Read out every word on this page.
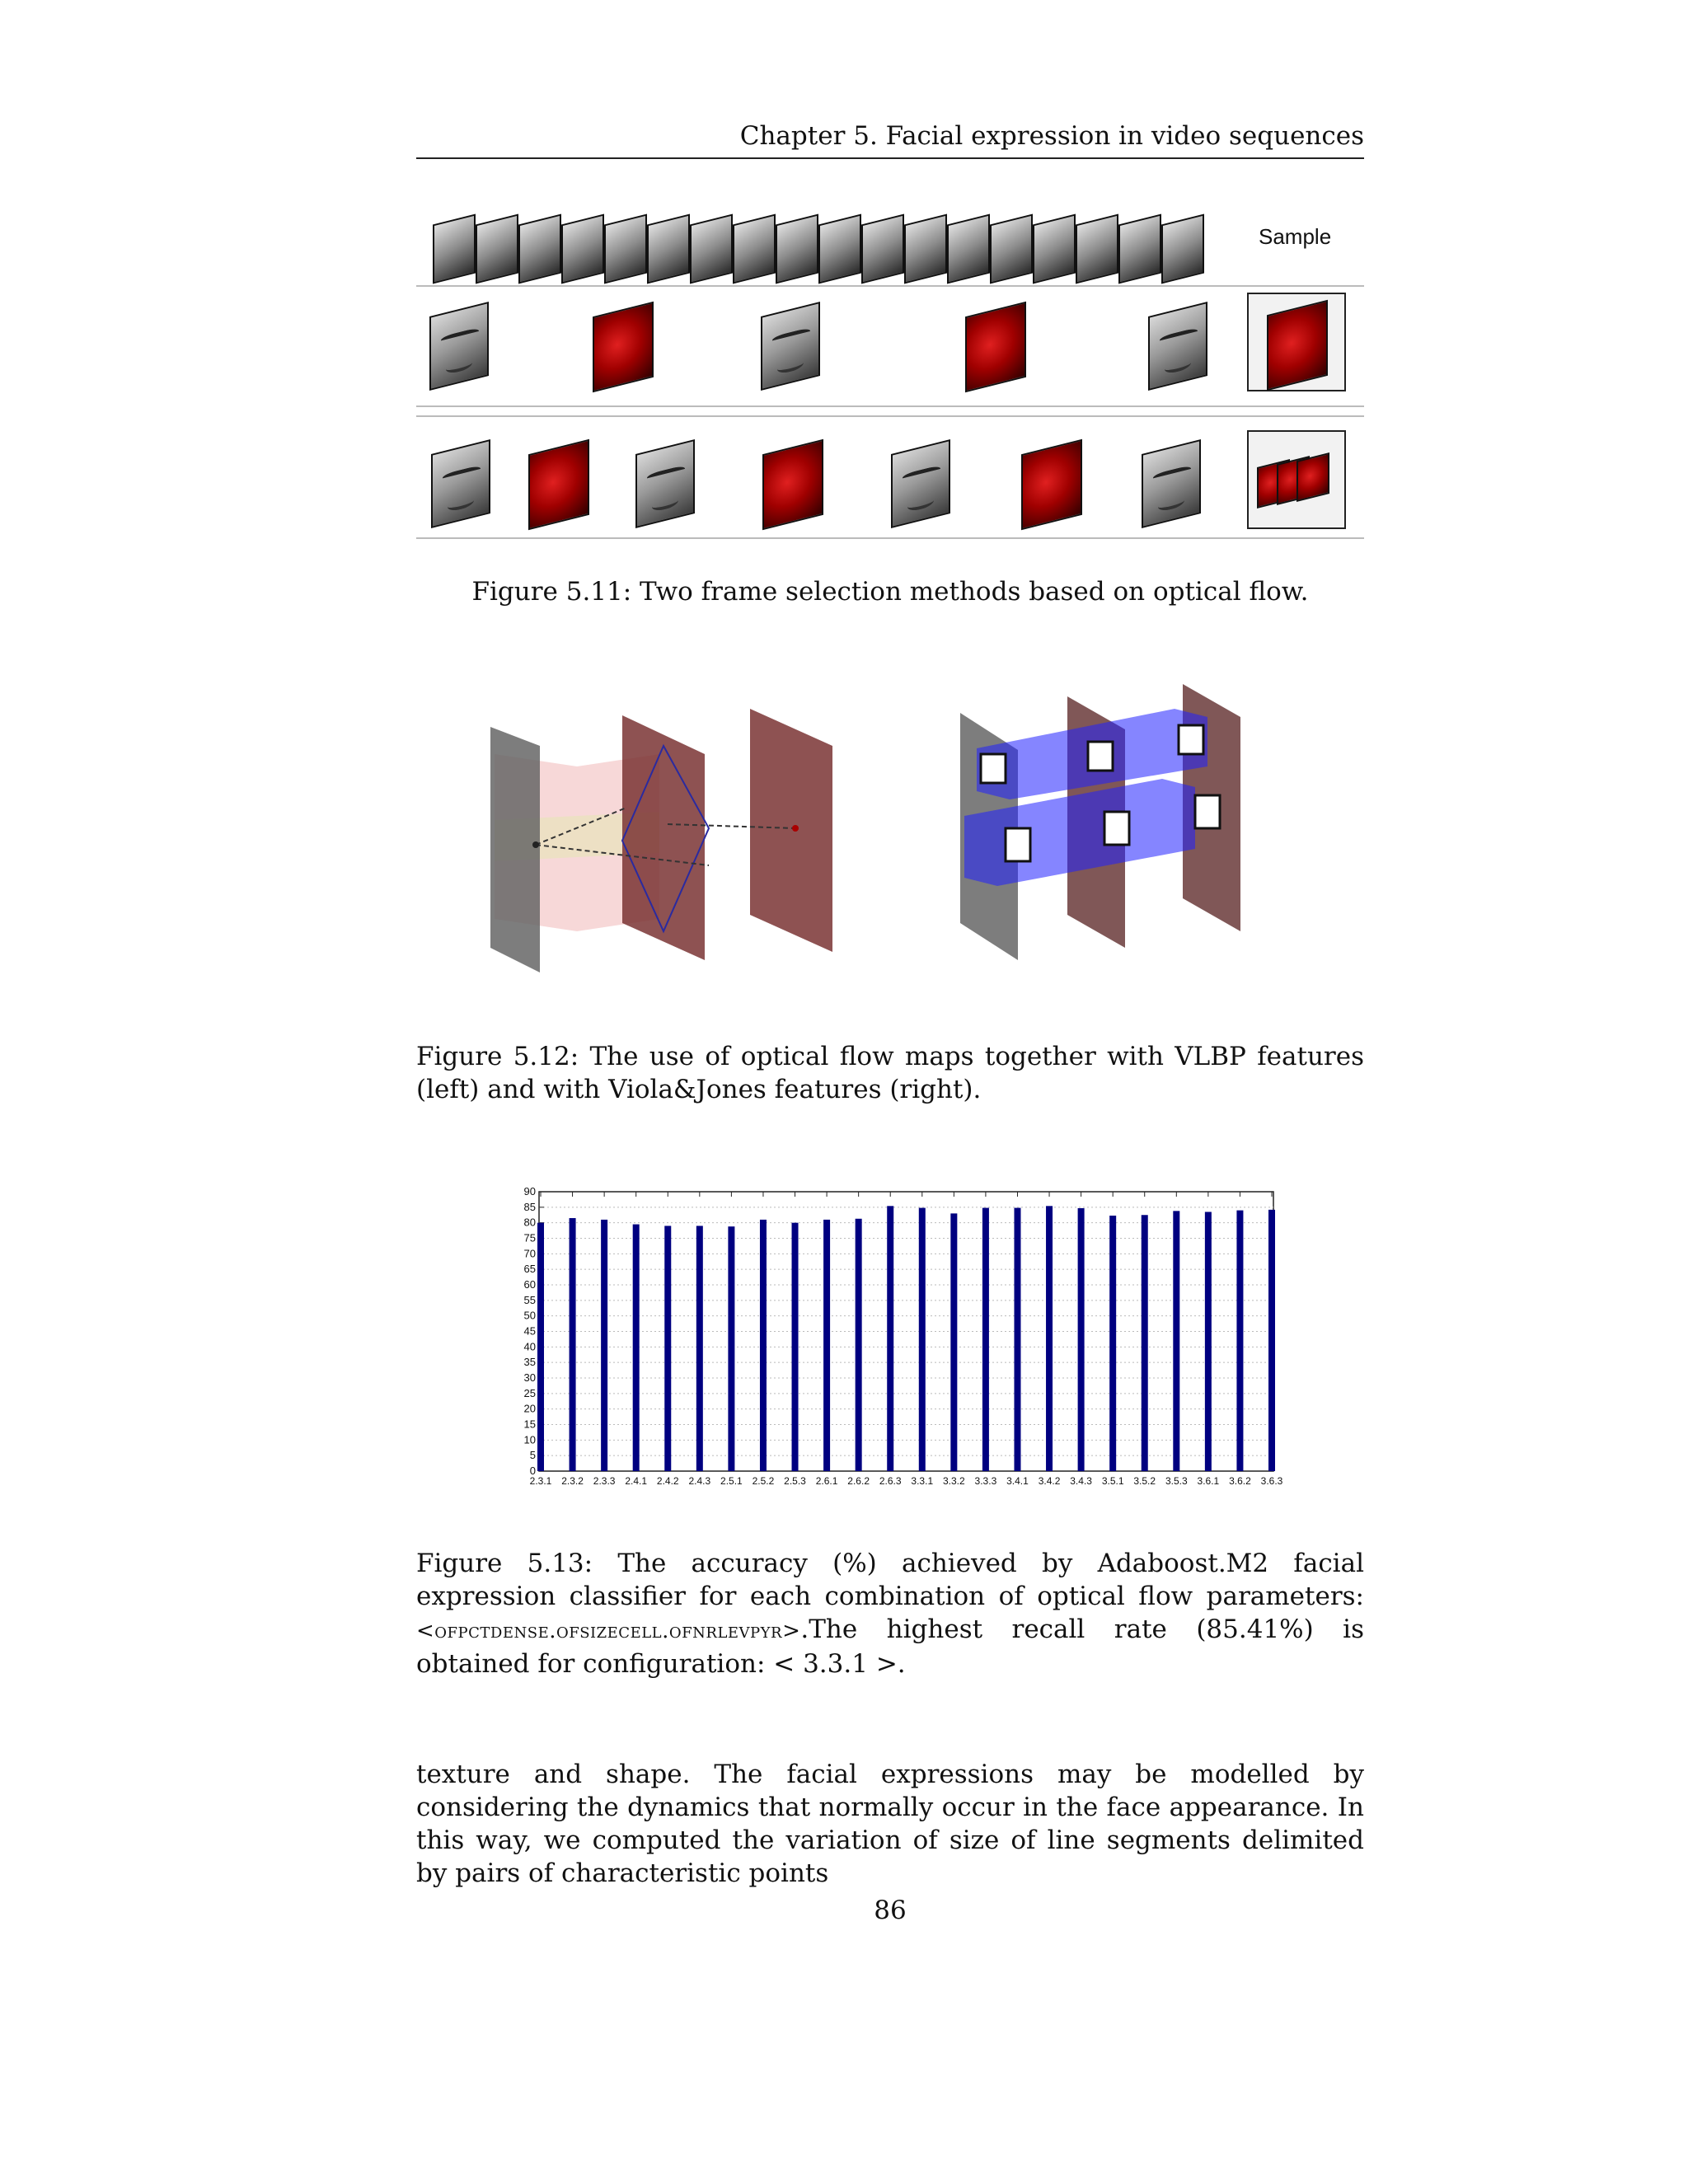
Chapter 5. Facial expression in video sequences
Sample
Figure 5.11: Two frame selection methods based on optical flow.
Figure 5.12: The use of optical flow maps together with VLBP features (left) and with Viola&Jones features (right).
0
5
10
15
20
25
30
35
40
45
50
55
60
65
70
75
80
85
90
2.3.1 2.3.2 2.3.3 2.4.1 2.4.2 2.4.3 2.5.1 2.5.2 2.5.3 2.6.1 2.6.2 2.6.3 3.3.1 3.3.2 3.3.3 3.4.1 3.4.2 3.4.3 3.5.1 3.5.2 3.5.3 3.6.1 3.6.2 3.6.3
Figure 5.13: The accuracy (%) achieved by Adaboost.M2 facial expression classifier for each combination of optical flow parameters: <ofpctdense.ofsizecell.ofnrlevpyr>.The highest recall rate (85.41%) is obtained for configuration: < 3.3.1 >.
texture and shape. The facial expressions may be modelled by considering the dynamics that normally occur in the face appearance. In this way, we computed the variation of size of line segments delimited by pairs of characteristic points
86
